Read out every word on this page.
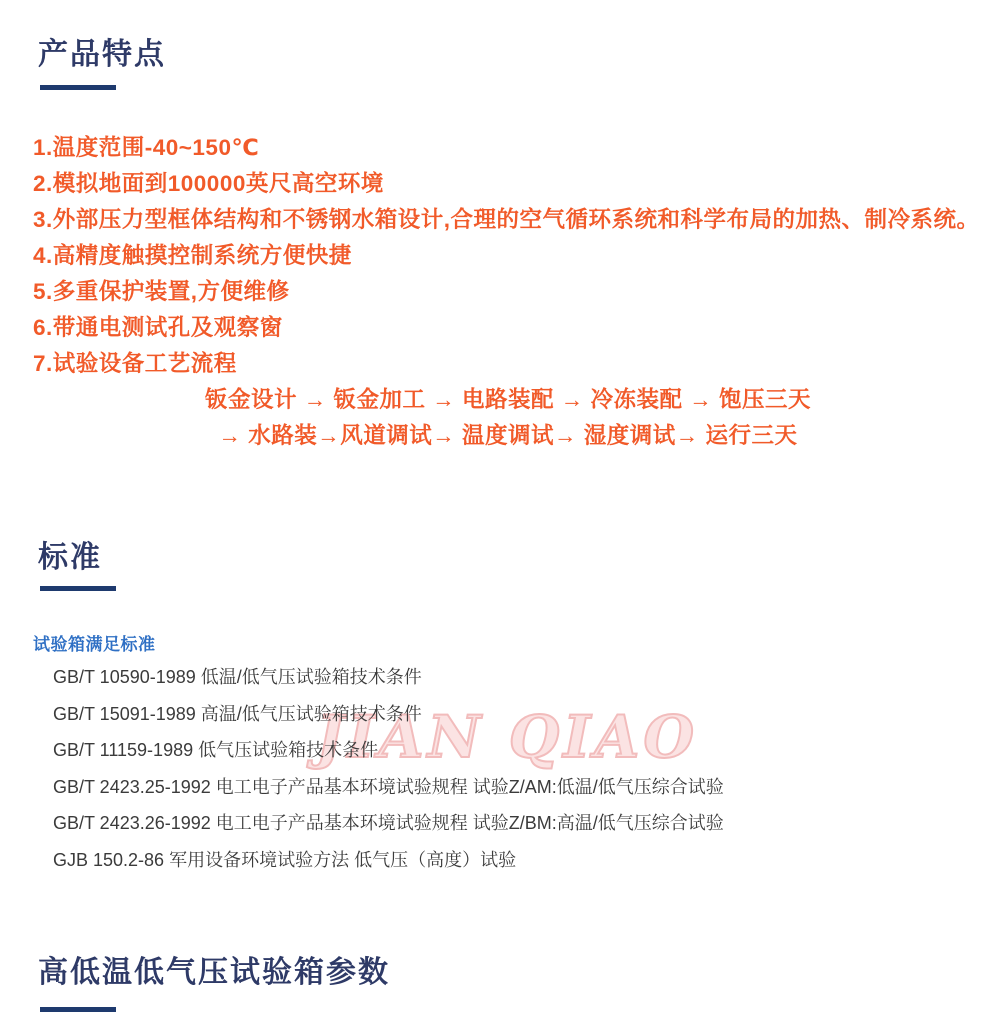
产品特点
1.温度范围-40~150℃
2.模拟地面到100000英尺高空环境
3.外部压力型框体结构和不锈钢水箱设计,合理的空气循环系统和科学布局的加热、制冷系统。
4.高精度触摸控制系统方便快捷
5.多重保护装置,方便维修
6.带通电测试孔及观察窗
7.试验设备工艺流程
钣金设计 → 钣金加工 → 电路装配 → 冷冻装配 → 饱压三天
→ 水路装→风道调试→ 温度调试→ 湿度调试→ 运行三天
标准
试验箱满足标准
JIAN QIAO
GB/T 10590-1989 低温/低气压试验箱技术条件
GB/T 15091-1989 高温/低气压试验箱技术条件
GB/T 11159-1989 低气压试验箱技术条件
GB/T 2423.25-1992 电工电子产品基本环境试验规程 试验Z/AM:低温/低气压综合试验
GB/T 2423.26-1992 电工电子产品基本环境试验规程 试验Z/BM:高温/低气压综合试验
GJB 150.2-86 军用设备环境试验方法 低气压（高度）试验
高低温低气压试验箱参数
